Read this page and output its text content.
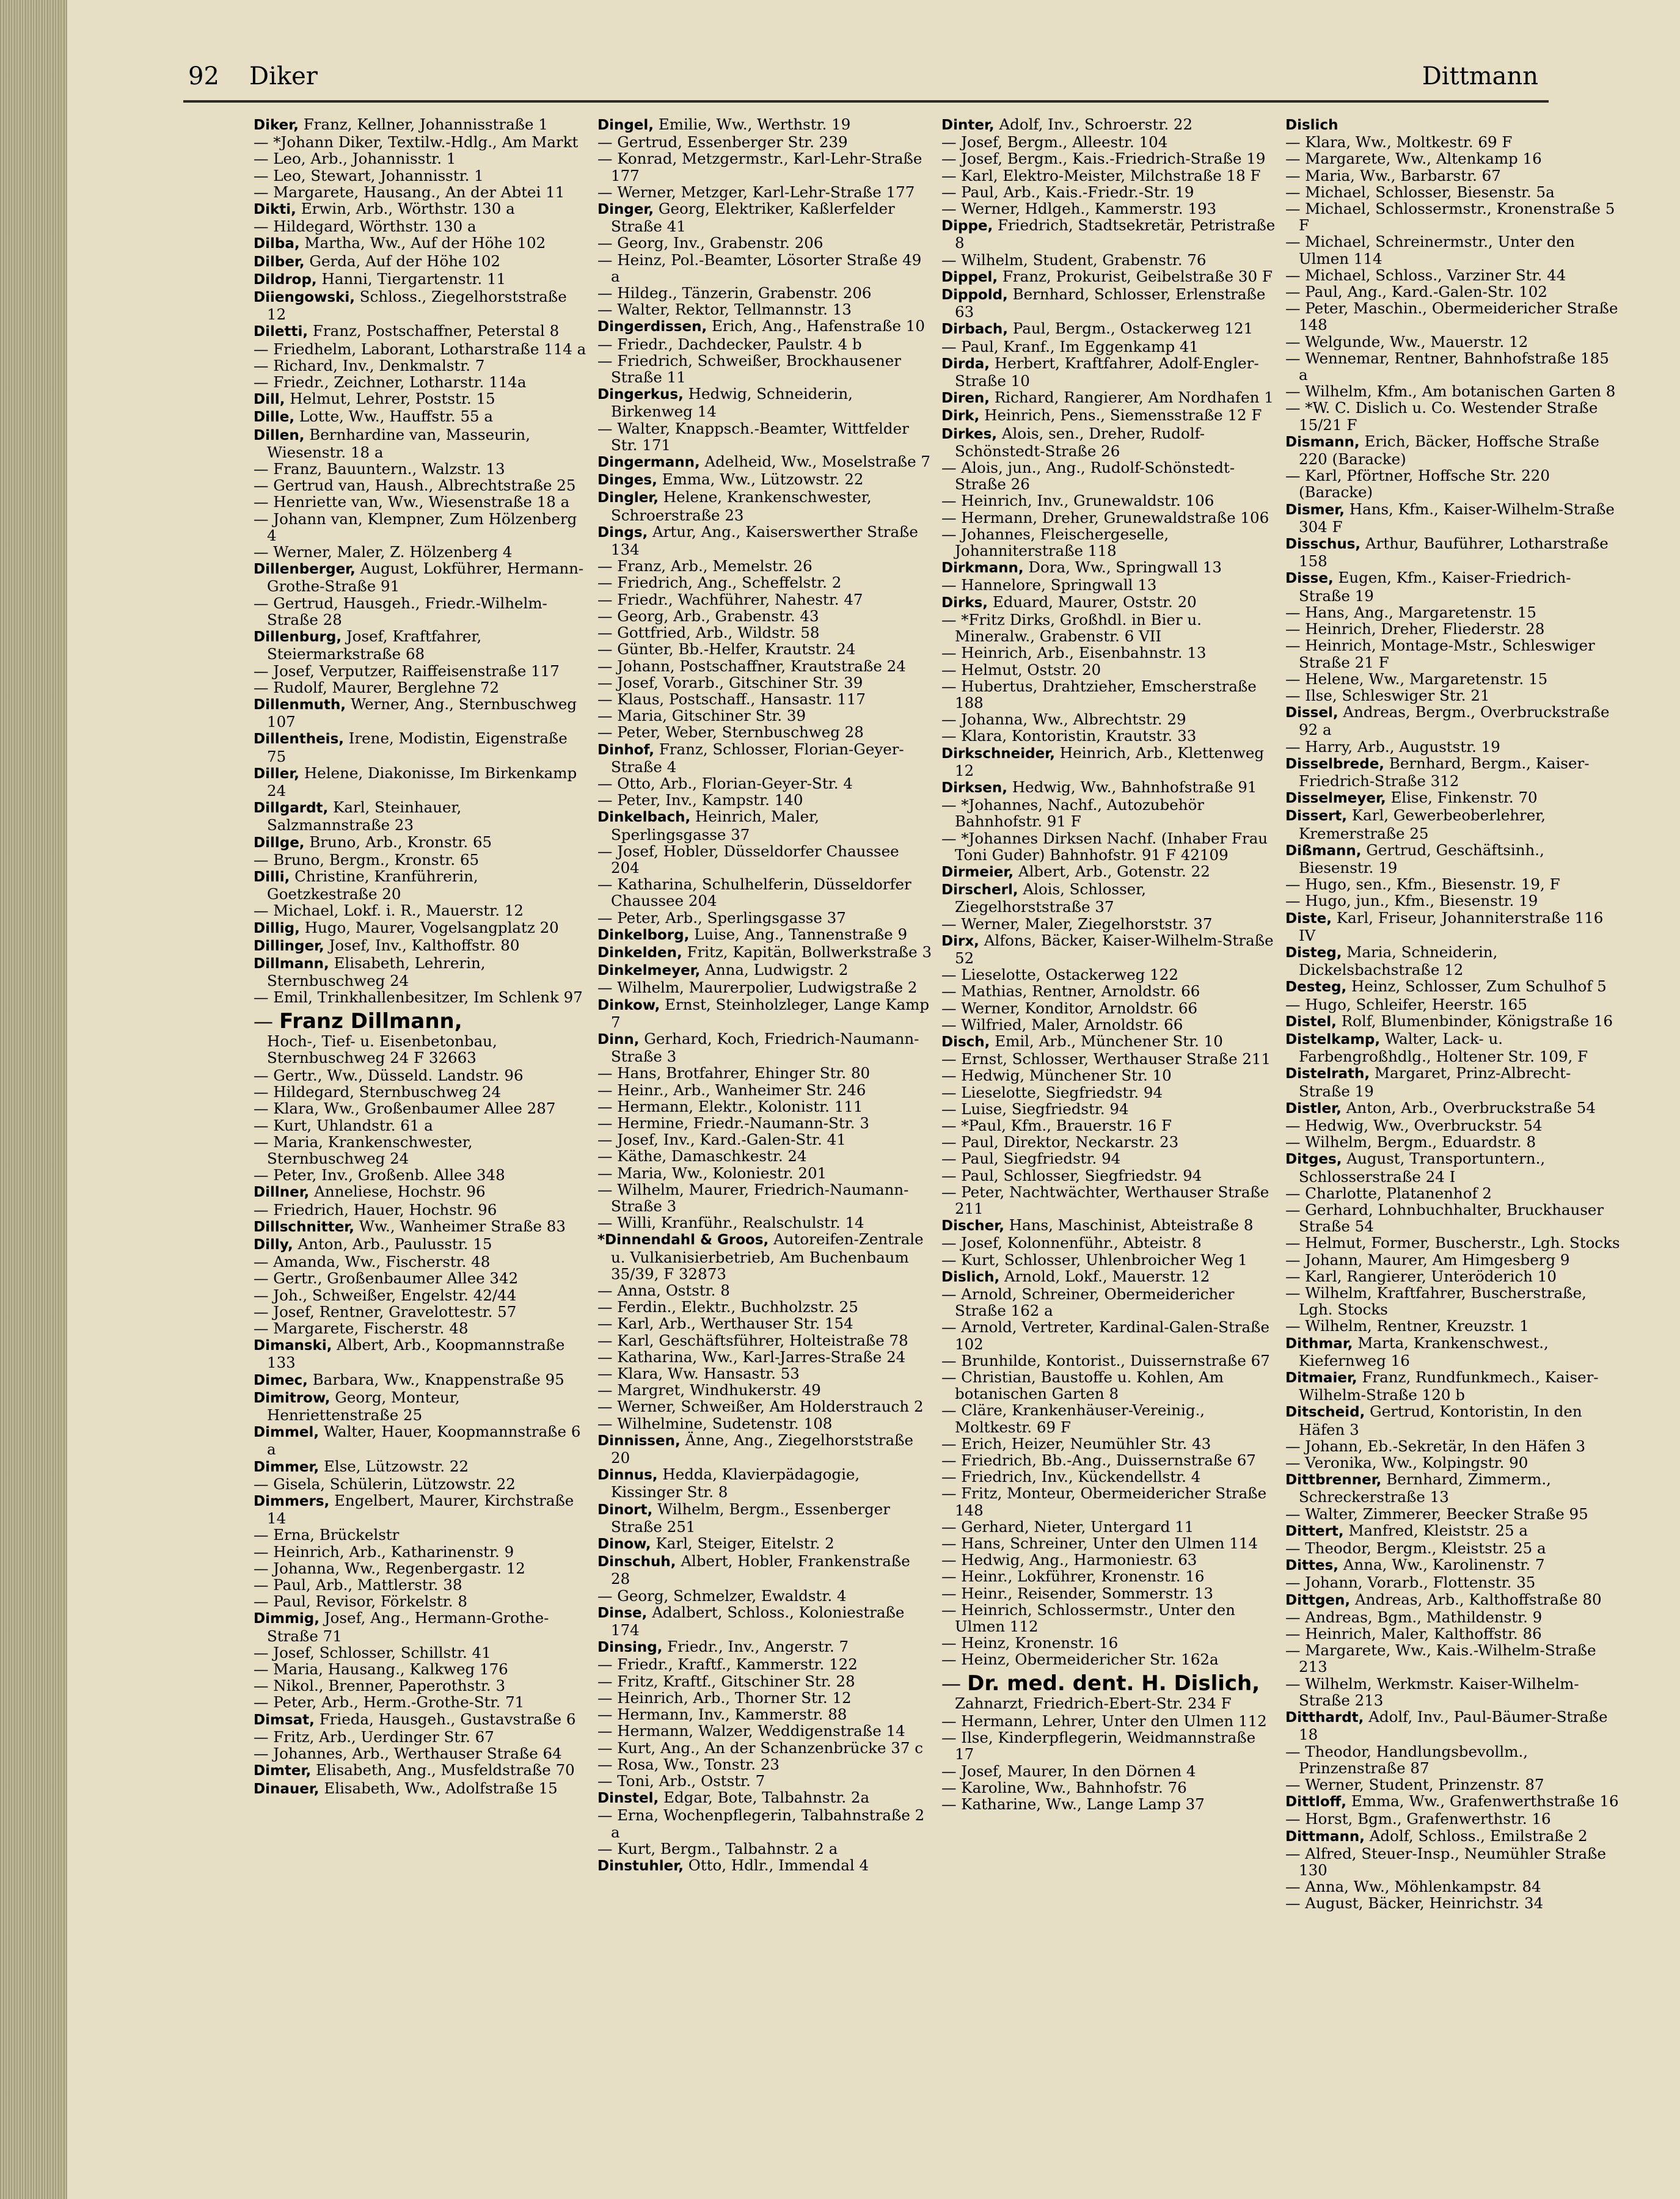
92 Diker	Dittmann

Diker, Franz, Kellner, Johannisstraße 1

— *Johann Diker, Textilw.-Hdlg., Am Markt

— Leo, Arb., Johannisstr. 1

— Leo, Stewart, Johannisstr. 1

— Margarete, Hausang., An der Abtei 11

Dikti, Erwin, Arb., Wörthstr. 130 a

— Hildegard, Wörthstr. 130 a

Dilba, Martha, Ww., Auf der Höhe 102

Dilber, Gerda, Auf der Höhe 102

Dildrop, Hanni, Tiergartenstr. 11

Diiengowski, Schloss., Ziegelhorststraße 12

Diletti, Franz, Postschaffner, Peterstal 8

— Friedhelm, Laborant, Lotharstraße 114 a

— Richard, Inv., Denkmalstr. 7

— Friedr., Zeichner, Lotharstr. 114a

Dill, Helmut, Lehrer, Poststr. 15

Dille, Lotte, Ww., Hauffstr. 55 a

Dillen, Bernhardine van, Masseurin, Wiesenstr. 18 a

— Franz, Bauuntern., Walzstr. 13

— Gertrud van, Haush., Albrechtstraße 25

— Henriette van, Ww., Wiesenstraße 18 a

— Johann van, Klempner, Zum Hölzenberg 4

— Werner, Maler, Z. Hölzenberg 4

Dillenberger, August, Lokführer, Hermann-Grothe-Straße 91

— Gertrud, Hausgeh., Friedr.-Wilhelm-Straße 28

Dillenburg, Josef, Kraftfahrer, Steiermarkstraße 68

— Josef, Verputzer, Raiffeisenstraße 117

— Rudolf, Maurer, Berglehne 72

Dillenmuth, Werner, Ang., Sternbuschweg 107

Dillentheis, Irene, Modistin, Eigenstraße 75

Diller, Helene, Diakonisse, Im Birkenkamp 24

Dillgardt, Karl, Steinhauer, Salzmannstraße 23

Dillge, Bruno, Arb., Kronstr. 65

— Bruno, Bergm., Kronstr. 65

Dilli, Christine, Kranführerin, Goetzkestraße 20

— Michael, Lokf. i. R., Mauerstr. 12

Dillig, Hugo, Maurer, Vogelsangplatz 20

Dillinger, Josef, Inv., Kalthoffstr. 80

Dillmann, Elisabeth, Lehrerin, Sternbuschweg 24

— Emil, Trinkhallenbesitzer, Im Schlenk 97

— Franz Dillmann,
Hoch-, Tief- u. Eisenbetonbau, Sternbuschweg 24 F 32663

— Gertr., Ww., Düsseld. Landstr. 96

— Hildegard, Sternbuschweg 24

— Klara, Ww., Großenbaumer Allee 287

— Kurt, Uhlandstr. 61 a

— Maria, Krankenschwester, Sternbuschweg 24

— Peter, Inv., Großenb. Allee 348

Dillner, Anneliese, Hochstr. 96

— Friedrich, Hauer, Hochstr. 96

Dillschnitter, Ww., Wanheimer Straße 83

Dilly, Anton, Arb., Paulusstr. 15

— Amanda, Ww., Fischerstr. 48

— Gertr., Großenbaumer Allee 342

— Joh., Schweißer, Engelstr. 42/44

— Josef, Rentner, Gravelottestr. 57

— Margarete, Fischerstr. 48

Dimanski, Albert, Arb., Koopmannstraße 133

Dimec, Barbara, Ww., Knappenstraße 95

Dimitrow, Georg, Monteur, Henriettenstraße 25

Dimmel, Walter, Hauer, Koopmannstraße 6 a

Dimmer, Else, Lützowstr. 22

— Gisela, Schülerin, Lützowstr. 22

Dimmers, Engelbert, Maurer, Kirchstraße 14

— Erna, Brückelstr

— Heinrich, Arb., Katharinenstr. 9

— Johanna, Ww., Regenbergastr. 12

— Paul, Arb., Mattlerstr. 38

— Paul, Revisor, Förkelstr. 8

Dimmig, Josef, Ang., Hermann-Grothe-Straße 71

— Josef, Schlosser, Schillstr. 41

— Maria, Hausang., Kalkweg 176

— Nikol., Brenner, Paperothstr. 3

— Peter, Arb., Herm.-Grothe-Str. 71

Dimsat, Frieda, Hausgeh., Gustavstraße 6

— Fritz, Arb., Uerdinger Str. 67

— Johannes, Arb., Werthauser Straße 64

Dimter, Elisabeth, Ang., Musfeldstraße 70

Dinauer, Elisabeth, Ww., Adolfstraße 15

Dingel, Emilie, Ww., Werthstr. 19

— Gertrud, Essenberger Str. 239

— Konrad, Metzgermstr., Karl-Lehr-Straße 177

— Werner, Metzger, Karl-Lehr-Straße 177

Dinger, Georg, Elektriker, Kaßlerfelder Straße 41

— Georg, Inv., Grabenstr. 206

— Heinz, Pol.-Beamter, Lösorter Straße 49 a

— Hildeg., Tänzerin, Grabenstr. 206

— Walter, Rektor, Tellmannstr. 13

Dingerdissen, Erich, Ang., Hafenstraße 10

— Friedr., Dachdecker, Paulstr. 4 b

— Friedrich, Schweißer, Brockhausener Straße 11

Dingerkus, Hedwig, Schneiderin, Birkenweg 14

— Walter, Knappsch.-Beamter, Wittfelder Str. 171

Dingermann, Adelheid, Ww., Moselstraße 7

Dinges, Emma, Ww., Lützowstr. 22

Dingler, Helene, Krankenschwester, Schroerstraße 23

Dings, Artur, Ang., Kaiserswerther Straße 134

— Franz, Arb., Memelstr. 26

— Friedrich, Ang., Scheffelstr. 2

— Friedr., Wachführer, Nahestr. 47

— Georg, Arb., Grabenstr. 43

— Gottfried, Arb., Wildstr. 58

— Günter, Bb.-Helfer, Krautstr. 24

— Johann, Postschaffner, Krautstraße 24

— Josef, Vorarb., Gitschiner Str. 39

— Klaus, Postschaff., Hansastr. 117

— Maria, Gitschiner Str. 39

— Peter, Weber, Sternbuschweg 28

Dinhof, Franz, Schlosser, Florian-Geyer-Straße 4

— Otto, Arb., Florian-Geyer-Str. 4

— Peter, Inv., Kampstr. 140

Dinkelbach, Heinrich, Maler, Sperlingsgasse 37

— Josef, Hobler, Düsseldorfer Chaussee 204

— Katharina, Schulhelferin, Düsseldorfer Chaussee 204

— Peter, Arb., Sperlingsgasse 37

Dinkelborg, Luise, Ang., Tannenstraße 9

Dinkelden, Fritz, Kapitän, Bollwerkstraße 3

Dinkelmeyer, Anna, Ludwigstr. 2

— Wilhelm, Maurerpolier, Ludwigstraße 2

Dinkow, Ernst, Steinholzleger, Lange Kamp 7

Dinn, Gerhard, Koch, Friedrich-Naumann-Straße 3

— Hans, Brotfahrer, Ehinger Str. 80

— Heinr., Arb., Wanheimer Str. 246

— Hermann, Elektr., Kolonistr. 111

— Hermine, Friedr.-Naumann-Str. 3

— Josef, Inv., Kard.-Galen-Str. 41

— Käthe, Damaschkestr. 24

— Maria, Ww., Koloniestr. 201

— Wilhelm, Maurer, Friedrich-Naumann-Straße 3

— Willi, Kranführ., Realschulstr. 14

*Dinnendahl & Groos, Autoreifen-Zentrale u. Vulkanisierbetrieb, Am Buchenbaum 35/39, F 32873

— Anna, Oststr. 8

— Ferdin., Elektr., Buchholzstr. 25

— Karl, Arb., Werthauser Str. 154

— Karl, Geschäftsführer, Holteistraße 78

— Katharina, Ww., Karl-Jarres-Straße 24

— Klara, Ww. Hansastr. 53

— Margret, Windhukerstr. 49

— Werner, Schweißer, Am Holderstrauch 2

— Wilhelmine, Sudetenstr. 108

Dinnissen, Änne, Ang., Ziegelhorststraße 20

Dinnus, Hedda, Klavierpädagogie, Kissinger Str. 8

Dinort, Wilhelm, Bergm., Essenberger Straße 251

Dinow, Karl, Steiger, Eitelstr. 2

Dinschuh, Albert, Hobler, Frankenstraße 28

— Georg, Schmelzer, Ewaldstr. 4

Dinse, Adalbert, Schloss., Koloniestraße 174

Dinsing, Friedr., Inv., Angerstr. 7

— Friedr., Kraftf., Kammerstr. 122

— Fritz, Kraftf., Gitschiner Str. 28

— Heinrich, Arb., Thorner Str. 12

— Hermann, Inv., Kammerstr. 88

— Hermann, Walzer, Weddigenstraße 14

— Kurt, Ang., An der Schanzenbrücke 37 c

— Rosa, Ww., Tonstr. 23

— Toni, Arb., Oststr. 7

Dinstel, Edgar, Bote, Talbahnstr. 2a

— Erna, Wochenpflegerin, Talbahnstraße 2 a

— Kurt, Bergm., Talbahnstr. 2 a

Dinstuhler, Otto, Hdlr., Immendal 4

Dinter, Adolf, Inv., Schroerstr. 22

— Josef, Bergm., Alleestr. 104

— Josef, Bergm., Kais.-Friedrich-Straße 19

— Karl, Elektro-Meister, Milchstraße 18 F

— Paul, Arb., Kais.-Friedr.-Str. 19

— Werner, Hdlgeh., Kammerstr. 193

Dippe, Friedrich, Stadtsekretär, Petristraße 8

— Wilhelm, Student, Grabenstr. 76

Dippel, Franz, Prokurist, Geibelstraße 30 F

Dippold, Bernhard, Schlosser, Erlenstraße 63

Dirbach, Paul, Bergm., Ostackerweg 121

— Paul, Kranf., Im Eggenkamp 41

Dirda, Herbert, Kraftfahrer, Adolf-Engler-Straße 10

Diren, Richard, Rangierer, Am Nordhafen 1

Dirk, Heinrich, Pens., Siemensstraße 12 F

Dirkes, Alois, sen., Dreher, Rudolf-Schönstedt-Straße 26

— Alois, jun., Ang., Rudolf-Schönstedt-Straße 26

— Heinrich, Inv., Grunewaldstr. 106

— Hermann, Dreher, Grunewaldstraße 106

— Johannes, Fleischergeselle, Johanniterstraße 118

Dirkmann, Dora, Ww., Springwall 13

— Hannelore, Springwall 13

Dirks, Eduard, Maurer, Oststr. 20

— *Fritz Dirks, Großhdl. in Bier u. Mineralw., Grabenstr. 6 VII

— Heinrich, Arb., Eisenbahnstr. 13

— Helmut, Oststr. 20

— Hubertus, Drahtzieher, Emscherstraße 188

— Johanna, Ww., Albrechtstr. 29

— Klara, Kontoristin, Krautstr. 33

Dirkschneider, Heinrich, Arb., Klettenweg 12

Dirksen, Hedwig, Ww., Bahnhofstraße 91

— *Johannes, Nachf., Autozubehör Bahnhofstr. 91 F

— *Johannes Dirksen Nachf. (Inhaber Frau Toni Guder) Bahnhofstr. 91 F 42109

Dirmeier, Albert, Arb., Gotenstr. 22

Dirscherl, Alois, Schlosser, Ziegelhorststraße 37

— Werner, Maler, Ziegelhorststr. 37

Dirx, Alfons, Bäcker, Kaiser-Wilhelm-Straße 52

— Lieselotte, Ostackerweg 122

— Mathias, Rentner, Arnoldstr. 66

— Werner, Konditor, Arnoldstr. 66

— Wilfried, Maler, Arnoldstr. 66

Disch, Emil, Arb., Münchener Str. 10

— Ernst, Schlosser, Werthauser Straße 211

— Hedwig, Münchener Str. 10

— Lieselotte, Siegfriedstr. 94

— Luise, Siegfriedstr. 94

— *Paul, Kfm., Brauerstr. 16 F

— Paul, Direktor, Neckarstr. 23

— Paul, Siegfriedstr. 94

— Paul, Schlosser, Siegfriedstr. 94

— Peter, Nachtwächter, Werthauser Straße 211

Discher, Hans, Maschinist, Abteistraße 8

— Josef, Kolonnenführ., Abteistr. 8

— Kurt, Schlosser, Uhlenbroicher Weg 1

Dislich, Arnold, Lokf., Mauerstr. 12

— Arnold, Schreiner, Obermeidericher Straße 162 a

— Arnold, Vertreter, Kardinal-Galen-Straße 102

— Brunhilde, Kontorist., Duissernstraße 67

— Christian, Baustoffe u. Kohlen, Am botanischen Garten 8

— Cläre, Krankenhäuser-Vereinig., Moltkestr. 69 F

— Erich, Heizer, Neumühler Str. 43

— Friedrich, Bb.-Ang., Duissernstraße 67

— Friedrich, Inv., Kückendellstr. 4

— Fritz, Monteur, Obermeidericher Straße 148

— Gerhard, Nieter, Untergard 11

— Hans, Schreiner, Unter den Ulmen 114

— Hedwig, Ang., Harmoniestr. 63

— Heinr., Lokführer, Kronenstr. 16

— Heinr., Reisender, Sommerstr. 13

— Heinrich, Schlossermstr., Unter den Ulmen 112

— Heinz, Kronenstr. 16

— Heinz, Obermeidericher Str. 162a

— Dr. med. dent. H. Dislich,
Zahnarzt, Friedrich-Ebert-Str. 234 F

— Hermann, Lehrer, Unter den Ulmen 112

— Ilse, Kinderpflegerin, Weidmannstraße 17

— Josef, Maurer, In den Dörnen 4

— Karoline, Ww., Bahnhofstr. 76

— Katharine, Ww., Lange Lamp 37

Dislich

— Klara, Ww., Moltkestr. 69 F

— Margarete, Ww., Altenkamp 16

— Maria, Ww., Barbarstr. 67

— Michael, Schlosser, Biesenstr. 5a

— Michael, Schlossermstr., Kronenstraße 5 F

— Michael, Schreinermstr., Unter den Ulmen 114

— Michael, Schloss., Varziner Str. 44

— Paul, Ang., Kard.-Galen-Str. 102

— Peter, Maschin., Obermeidericher Straße 148

— Welgunde, Ww., Mauerstr. 12

— Wennemar, Rentner, Bahnhofstraße 185 a

— Wilhelm, Kfm., Am botanischen Garten 8

— *W. C. Dislich u. Co. Westender Straße 15/21 F

Dismann, Erich, Bäcker, Hoffsche Straße 220 (Baracke)

— Karl, Pförtner, Hoffsche Str. 220 (Baracke)

Dismer, Hans, Kfm., Kaiser-Wilhelm-Straße 304 F

Disschus, Arthur, Bauführer, Lotharstraße 158

Disse, Eugen, Kfm., Kaiser-Friedrich-Straße 19

— Hans, Ang., Margaretenstr. 15

— Heinrich, Dreher, Fliederstr. 28

— Heinrich, Montage-Mstr., Schleswiger Straße 21 F

— Helene, Ww., Margaretenstr. 15

— Ilse, Schleswiger Str. 21

Dissel, Andreas, Bergm., Overbruckstraße 92 a

— Harry, Arb., Auguststr. 19

Disselbrede, Bernhard, Bergm., Kaiser-Friedrich-Straße 312

Disselmeyer, Elise, Finkenstr. 70

Dissert, Karl, Gewerbeoberlehrer, Kremerstraße 25

Dißmann, Gertrud, Geschäftsinh., Biesenstr. 19

— Hugo, sen., Kfm., Biesenstr. 19, F

— Hugo, jun., Kfm., Biesenstr. 19

Diste, Karl, Friseur, Johanniterstraße 116 IV

Disteg, Maria, Schneiderin, Dickelsbachstraße 12

Desteg, Heinz, Schlosser, Zum Schulhof 5

— Hugo, Schleifer, Heerstr. 165

Distel, Rolf, Blumenbinder, Königstraße 16

Distelkamp, Walter, Lack- u. Farbengroßhdlg., Holtener Str. 109, F

Distelrath, Margaret, Prinz-Albrecht-Straße 19

Distler, Anton, Arb., Overbruckstraße 54

— Hedwig, Ww., Overbruckstr. 54

— Wilhelm, Bergm., Eduardstr. 8

Ditges, August, Transportuntern., Schlosserstraße 24 I

— Charlotte, Platanenhof 2

— Gerhard, Lohnbuchhalter, Bruckhauser Straße 54

— Helmut, Former, Buscherstr., Lgh. Stocks

— Johann, Maurer, Am Himgesberg 9

— Karl, Rangierer, Unteröderich 10

— Wilhelm, Kraftfahrer, Buscherstraße, Lgh. Stocks

— Wilhelm, Rentner, Kreuzstr. 1

Dithmar, Marta, Krankenschwest., Kiefernweg 16

Ditmaier, Franz, Rundfunkmech., Kaiser-Wilhelm-Straße 120 b

Ditscheid, Gertrud, Kontoristin, In den Häfen 3

— Johann, Eb.-Sekretär, In den Häfen 3

— Veronika, Ww., Kolpingstr. 90

Dittbrenner, Bernhard, Zimmerm., Schreckerstraße 13

— Walter, Zimmerer, Beecker Straße 95

Dittert, Manfred, Kleiststr. 25 a

— Theodor, Bergm., Kleiststr. 25 a

Dittes, Anna, Ww., Karolinenstr. 7

— Johann, Vorarb., Flottenstr. 35

Dittgen, Andreas, Arb., Kalthoffstraße 80

— Andreas, Bgm., Mathildenstr. 9

— Heinrich, Maler, Kalthoffstr. 86

— Margarete, Ww., Kais.-Wilhelm-Straße 213

— Wilhelm, Werkmstr. Kaiser-Wilhelm-Straße 213

Ditthardt, Adolf, Inv., Paul-Bäumer-Straße 18

— Theodor, Handlungsbevollm., Prinzenstraße 87

— Werner, Student, Prinzenstr. 87

Dittloff, Emma, Ww., Grafenwerthstraße 16

— Horst, Bgm., Grafenwerthstr. 16

Dittmann, Adolf, Schloss., Emilstraße 2

— Alfred, Steuer-Insp., Neumühler Straße 130

— Anna, Ww., Möhlenkampstr. 84

— August, Bäcker, Heinrichstr. 34
